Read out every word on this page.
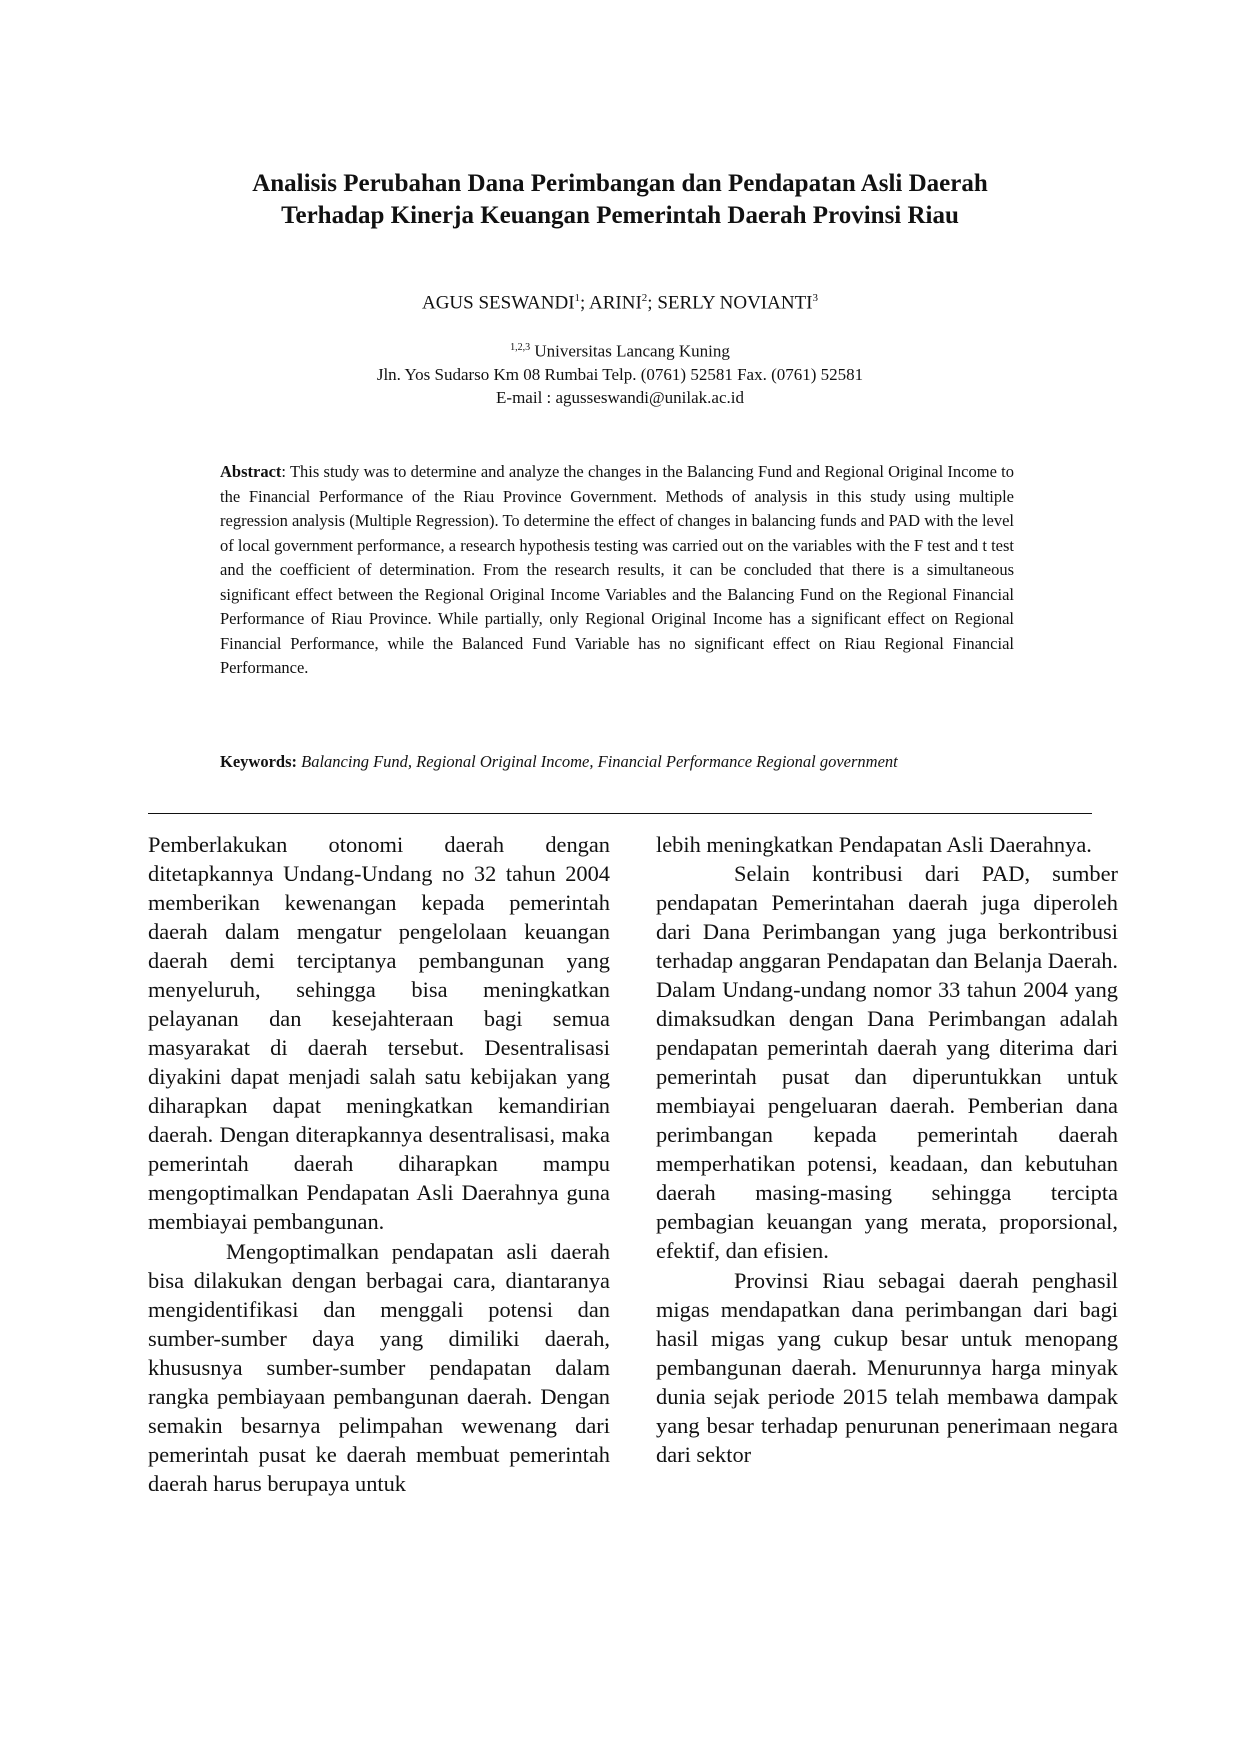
Analisis Perubahan Dana Perimbangan dan Pendapatan Asli Daerah
Terhadap Kinerja Keuangan Pemerintah Daerah Provinsi Riau

AGUS SESWANDI$^1$; ARINI$^2$; SERLY NOVIANTI$^3$

$^{1,2,3}$ Universitas Lancang Kuning
Jln. Yos Sudarso Km 08 Rumbai Telp. (0761) 52581 Fax. (0761) 52581
E-mail : agusseswandi@unilak.ac.id

Abstract: This study was to determine and analyze the changes in the Balancing Fund and Regional Original Income to the Financial Performance of the Riau Province Government. Methods of analysis in this study using multiple regression analysis (Multiple Regression). To determine the effect of changes in balancing funds and PAD with the level of local government performance, a research hypothesis testing was carried out on the variables with the F test and t test and the coefficient of determination. From the research results, it can be concluded that there is a simultaneous significant effect between the Regional Original Income Variables and the Balancing Fund on the Regional Financial Performance of Riau Province. While partially, only Regional Original Income has a significant effect on Regional Financial Performance, while the Balanced Fund Variable has no significant effect on Riau Regional Financial Performance.

Keywords: Balancing Fund, Regional Original Income, Financial Performance Regional government

Pemberlakukan otonomi daerah dengan ditetapkannya Undang-Undang no 32 tahun 2004 memberikan kewenangan kepada pemerintah daerah dalam mengatur pengelolaan keuangan daerah demi terciptanya pembangunan yang menyeluruh, sehingga bisa meningkatkan pelayanan dan kesejahteraan bagi semua masyarakat di daerah tersebut. Desentralisasi diyakini dapat menjadi salah satu kebijakan yang diharapkan dapat meningkatkan kemandirian daerah. Dengan diterapkannya desentralisasi, maka pemerintah daerah diharapkan mampu mengoptimalkan Pendapatan Asli Daerahnya guna membiayai pembangunan.

Mengoptimalkan pendapatan asli daerah bisa dilakukan dengan berbagai cara, diantaranya mengidentifikasi dan menggali potensi dan sumber-sumber daya yang dimiliki daerah, khususnya sumber-sumber pendapatan dalam rangka pembiayaan pembangunan daerah. Dengan semakin besarnya pelimpahan wewenang dari pemerintah pusat ke daerah membuat pemerintah daerah harus berupaya untuk

lebih meningkatkan Pendapatan Asli Daerahnya.

Selain kontribusi dari PAD, sumber pendapatan Pemerintahan daerah juga diperoleh dari Dana Perimbangan yang juga berkontribusi terhadap anggaran Pendapatan dan Belanja Daerah. Dalam Undang-undang nomor 33 tahun 2004 yang dimaksudkan dengan Dana Perimbangan adalah pendapatan pemerintah daerah yang diterima dari pemerintah pusat dan diperuntukkan untuk membiayai pengeluaran daerah. Pemberian dana perimbangan kepada pemerintah daerah memperhatikan potensi, keadaan, dan kebutuhan daerah masing-masing sehingga tercipta pembagian keuangan yang merata, proporsional, efektif, dan efisien.

Provinsi Riau sebagai daerah penghasil migas mendapatkan dana perimbangan dari bagi hasil migas yang cukup besar untuk menopang pembangunan daerah. Menurunnya harga minyak dunia sejak periode 2015 telah membawa dampak yang besar terhadap penurunan penerimaan negara dari sektor
